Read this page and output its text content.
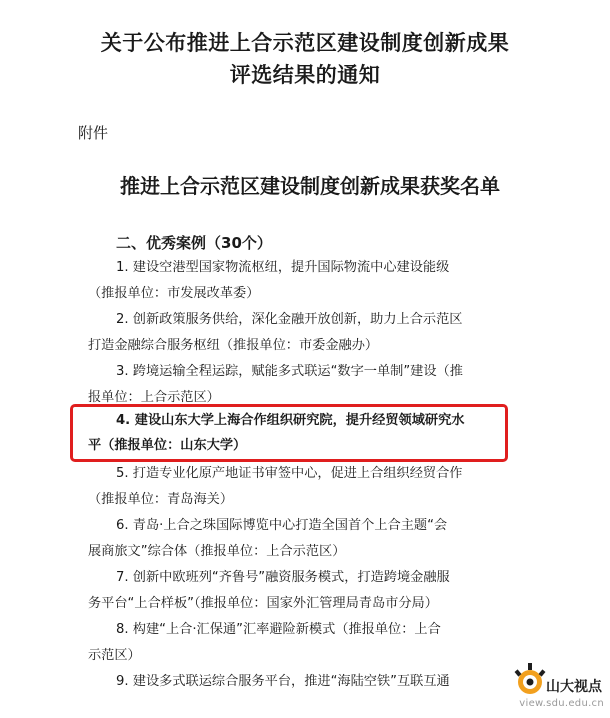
关于公布推进上合示范区建设制度创新成果
评选结果的通知
附件
推进上合示范区建设制度创新成果获奖名单
二、优秀案例（30个）
1. 建设空港型国家物流枢纽，提升国际物流中心建设能级
（推报单位：市发展改革委）
2. 创新政策服务供给，深化金融开放创新，助力上合示范区
打造金融综合服务枢纽（推报单位：市委金融办）
3. 跨境运输全程运踪，赋能多式联运“数字一单制”建设（推
报单位：上合示范区）
4. 建设山东大学上海合作组织研究院，提升经贸领域研究水
平（推报单位：山东大学）
5. 打造专业化原产地证书审签中心，促进上合组织经贸合作
（推报单位：青岛海关）
6. 青岛·上合之珠国际博览中心打造全国首个上合主题“会
展商旅文”综合体（推报单位：上合示范区）
7. 创新中欧班列“齐鲁号”融资服务模式，打造跨境金融服
务平台“上合样板”（推报单位：国家外汇管理局青岛市分局）
8. 构建“上合·汇保通”汇率避险新模式（推报单位：上合
示范区）
9. 建设多式联运综合服务平台，推进“海陆空铁”互联互通	山大视点
view.sdu.edu.cn
